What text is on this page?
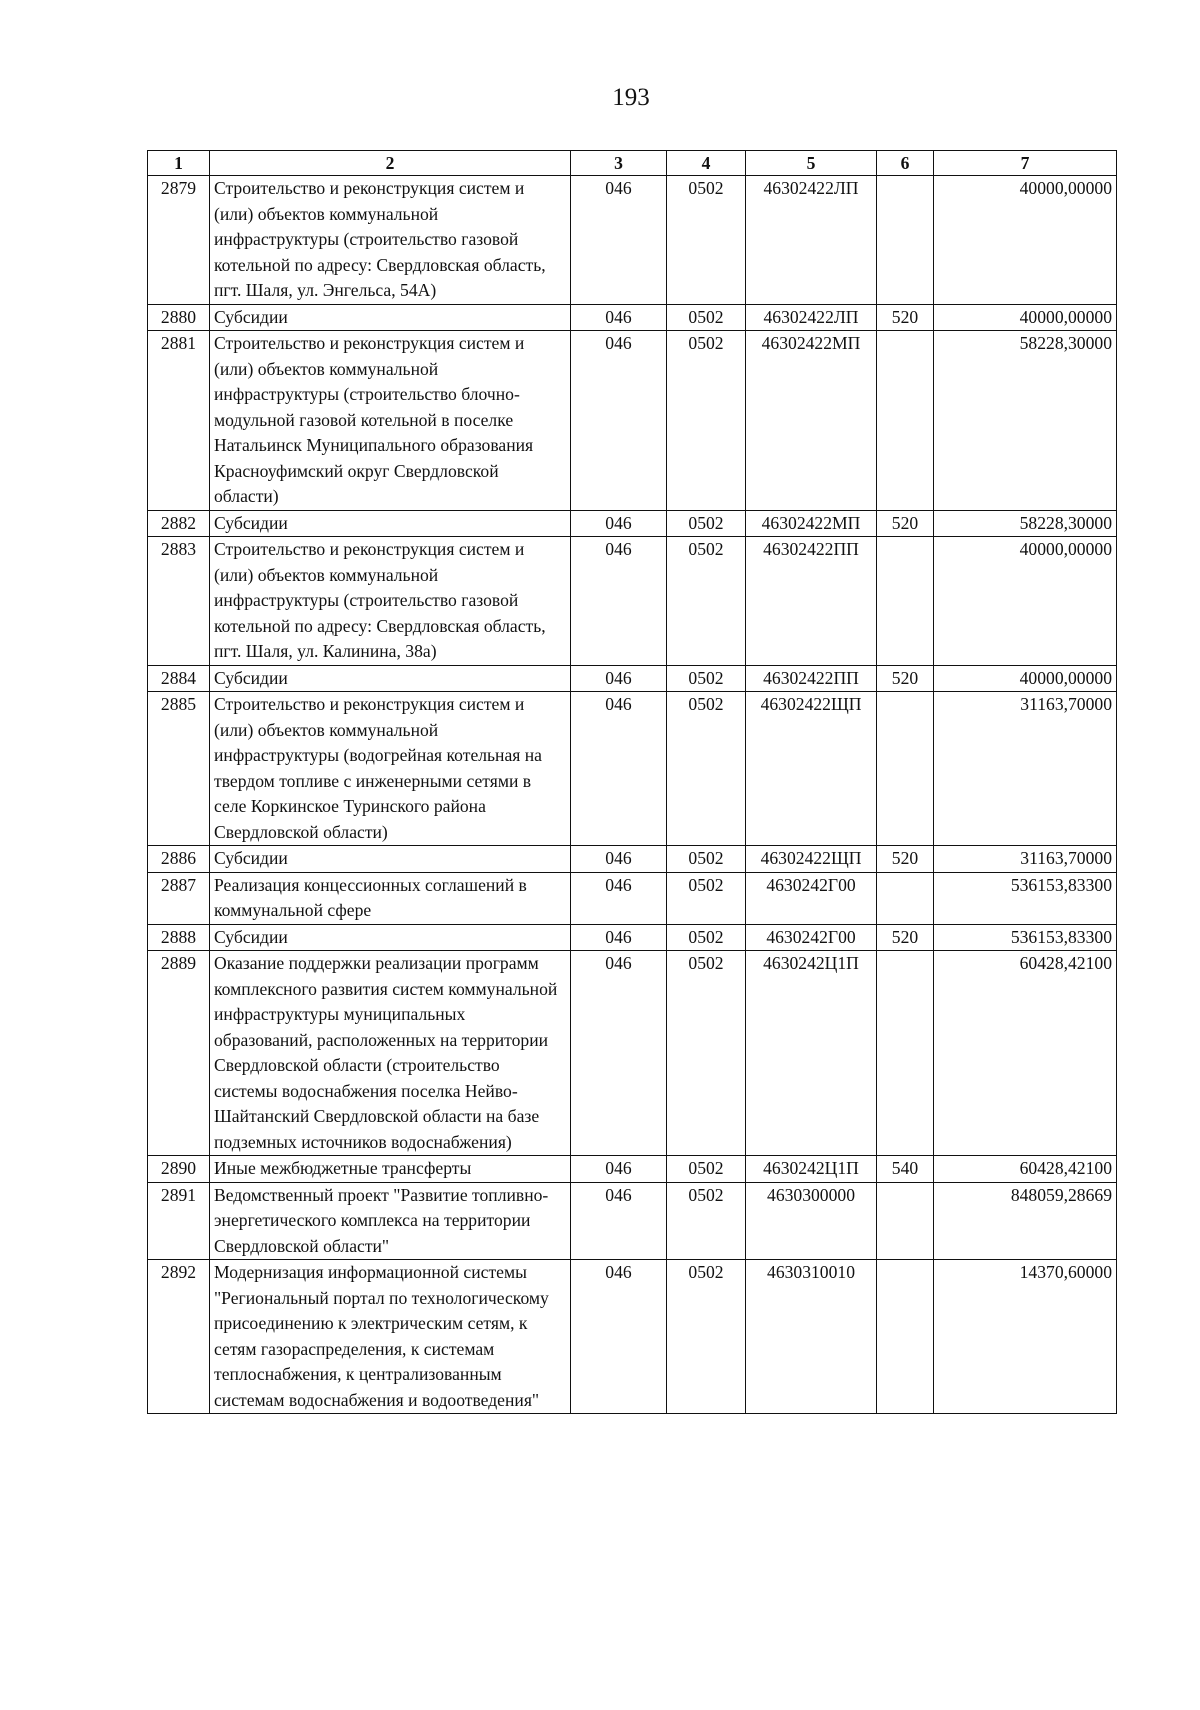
193
1	2	3	4	5	6	7
2879	Строительство и реконструкция систем и (или) объектов коммунальной инфраструктуры (строительство газовой котельной по адресу: Свердловская область, пгт. Шаля, ул. Энгельса, 54А)	046	0502	46302422ЛП		40000,00000
2880	Субсидии	046	0502	46302422ЛП	520	40000,00000
2881	Строительство и реконструкция систем и (или) объектов коммунальной инфраструктуры (строительство блочно-модульной газовой котельной в поселке Натальинск Муниципального образования Красноуфимский округ Свердловской области)	046	0502	46302422МП		58228,30000
2882	Субсидии	046	0502	46302422МП	520	58228,30000
2883	Строительство и реконструкция систем и (или) объектов коммунальной инфраструктуры (строительство газовой котельной по адресу: Свердловская область, пгт. Шаля, ул. Калинина, 38а)	046	0502	46302422ПП		40000,00000
2884	Субсидии	046	0502	46302422ПП	520	40000,00000
2885	Строительство и реконструкция систем и (или) объектов коммунальной инфраструктуры (водогрейная котельная на твердом топливе с инженерными сетями в селе Коркинское Туринского района Свердловской области)	046	0502	46302422ЩП		31163,70000
2886	Субсидии	046	0502	46302422ЩП	520	31163,70000
2887	Реализация концессионных соглашений в коммунальной сфере	046	0502	4630242Г00		536153,83300
2888	Субсидии	046	0502	4630242Г00	520	536153,83300
2889	Оказание поддержки реализации программ комплексного развития систем коммунальной инфраструктуры муниципальных образований, расположенных на территории Свердловской области (строительство системы водоснабжения поселка Нейво-Шайтанский Свердловской области на базе подземных источников водоснабжения)	046	0502	4630242Ц1П		60428,42100
2890	Иные межбюджетные трансферты	046	0502	4630242Ц1П	540	60428,42100
2891	Ведомственный проект "Развитие топливно-энергетического комплекса на территории Свердловской области"	046	0502	4630300000		848059,28669
2892	Модернизация информационной системы "Региональный портал по технологическому присоединению к электрическим сетям, к сетям газораспределения, к системам теплоснабжения, к централизованным системам водоснабжения и водоотведения"	046	0502	4630310010		14370,60000
